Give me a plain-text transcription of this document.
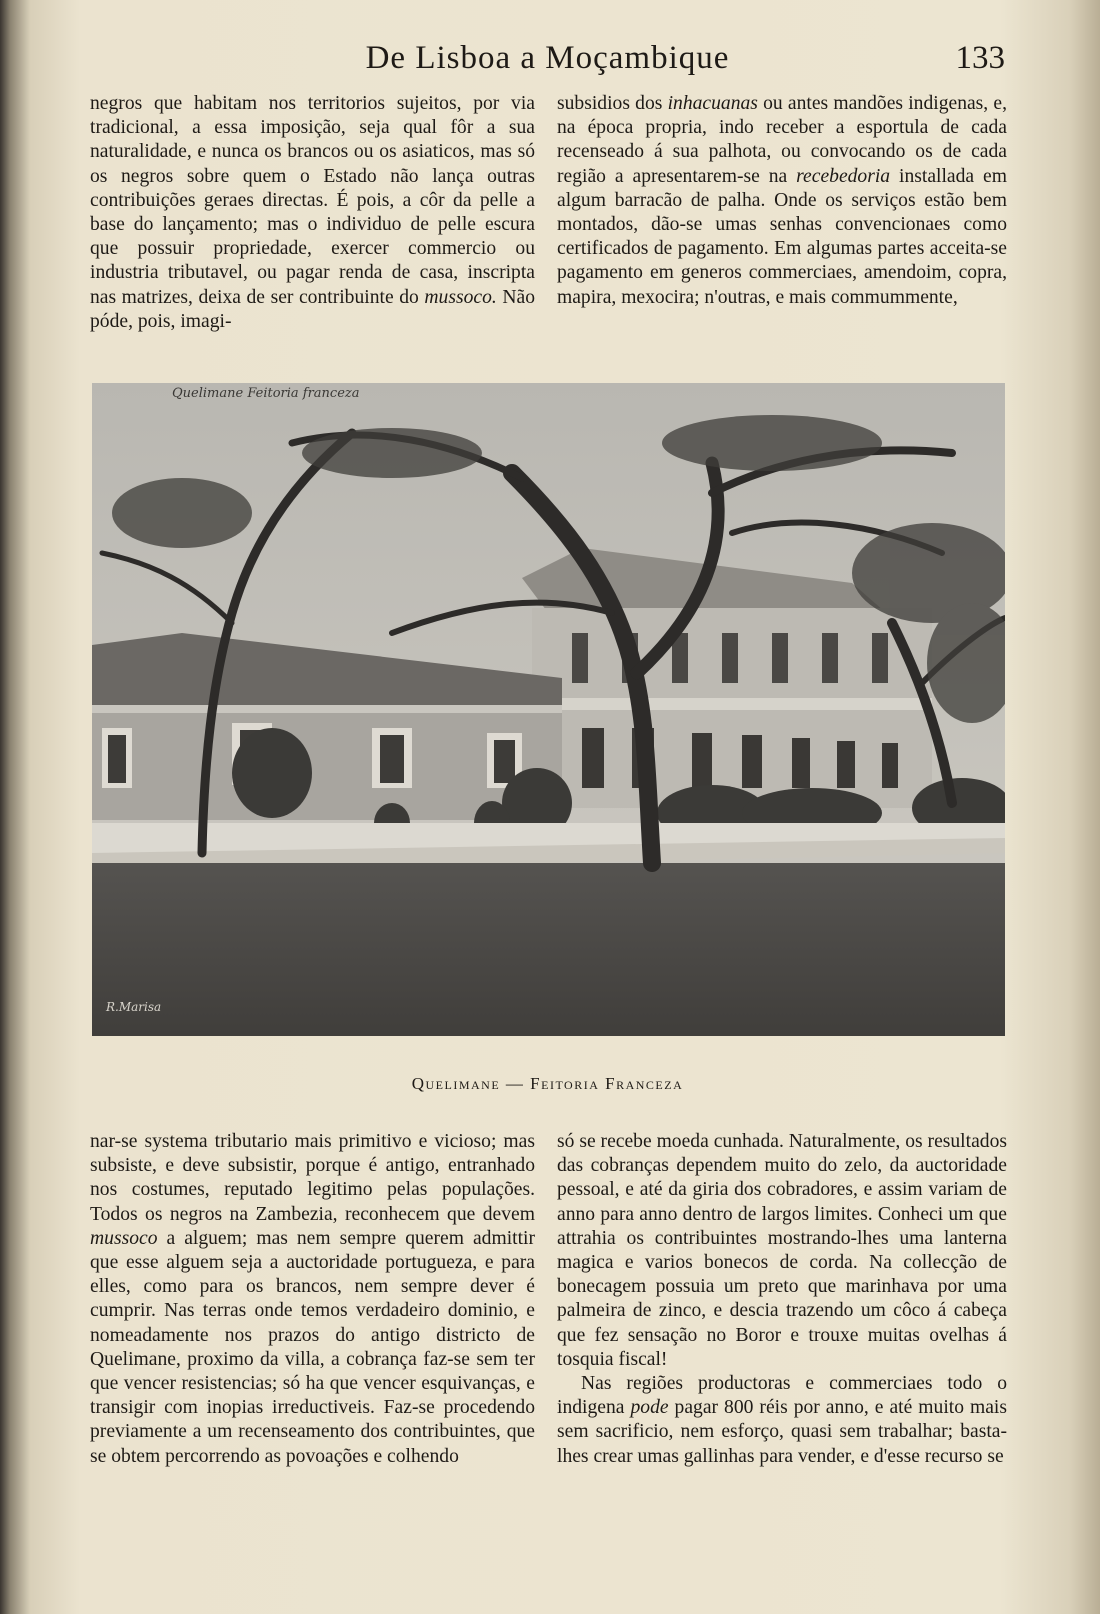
De Lisboa a Moçambique	133

negros que habitam nos territorios sujeitos, por via tradicional, a essa imposição, seja qual fôr a sua naturalidade, e nunca os brancos ou os asiaticos, mas só os negros sobre quem o Estado não lança outras contribuições geraes directas. É pois, a côr da pelle a base do lançamento; mas o individuo de pelle escura que possuir propriedade, exercer commercio ou industria tributavel, ou pagar renda de casa, inscripta nas matrizes, deixa de ser contribuinte do mussoco. Não póde, pois, imagi-

subsidios dos inhacuanas ou antes mandões indigenas, e, na época propria, indo receber a esportula de cada recenseado á sua palhota, ou convocando os de cada região a apresentarem-se na recebedoria installada em algum barracão de palha. Onde os serviços estão bem montados, dão-se umas senhas convencionaes como certificados de pagamento. Em algumas partes acceita-se pagamento em generos commerciaes, amendoim, copra, mapira, mexocira; n'outras, e mais commummente,

Quelimane Feitoria franceza
R.Marisa
Quelimane — Feitoria Franceza

nar-se systema tributario mais primitivo e vicioso; mas subsiste, e deve subsistir, porque é antigo, entranhado nos costumes, reputado legitimo pelas populações. Todos os negros na Zambezia, reconhecem que devem mussoco a alguem; mas nem sempre querem admittir que esse alguem seja a auctoridade portugueza, e para elles, como para os brancos, nem sempre dever é cumprir. Nas terras onde temos verdadeiro dominio, e nomeadamente nos prazos do antigo districto de Quelimane, proximo da villa, a cobrança faz-se sem ter que vencer resistencias; só ha que vencer esquivanças, e transigir com inopias irreductiveis. Faz-se procedendo previamente a um recenseamento dos contribuintes, que se obtem percorrendo as povoações e colhendo

só se recebe moeda cunhada. Naturalmente, os resultados das cobranças dependem muito do zelo, da auctoridade pessoal, e até da giria dos cobradores, e assim variam de anno para anno dentro de largos limites. Conheci um que attrahia os contribuintes mostrando-lhes uma lanterna magica e varios bonecos de corda. Na collecção de bonecagem possuia um preto que marinhava por uma palmeira de zinco, e descia trazendo um côco á cabeça que fez sensação no Boror e trouxe muitas ovelhas á tosquia fiscal!

Nas regiões productoras e commerciaes todo o indigena pode pagar 800 réis por anno, e até muito mais sem sacrificio, nem esforço, quasi sem trabalhar; basta-lhes crear umas gallinhas para vender, e d'esse recurso se
